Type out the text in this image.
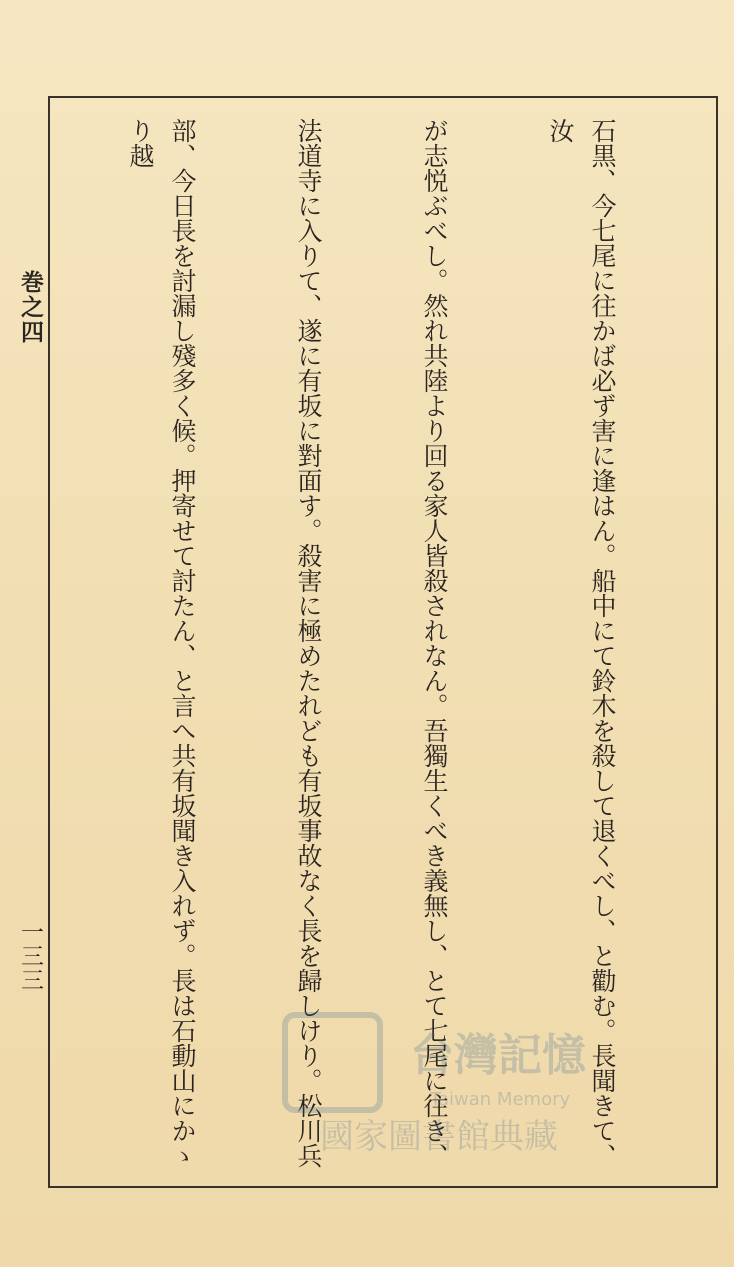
巻之四
一三三

	石黒、今七尾に往かば必ず害に逢はん。船中にて鈴木を殺して退くべし、と勸む。長聞きて、汝

が志悦ぶべし。然れ共陸より回る家人皆殺されなん。吾獨生くべき義無し、とて七尾に往き、

法道寺に入りて、遂に有坂に對面す。殺害に極めたれども有坂事故なく長を歸しけり。松川兵

部、今日長を討漏し殘多く候。押寄せて討たん、と言へ共有坂聞き入れず。長は石動山にかゝり越

台灣記憶
Taiwan Memory
國家圖書館典藏
